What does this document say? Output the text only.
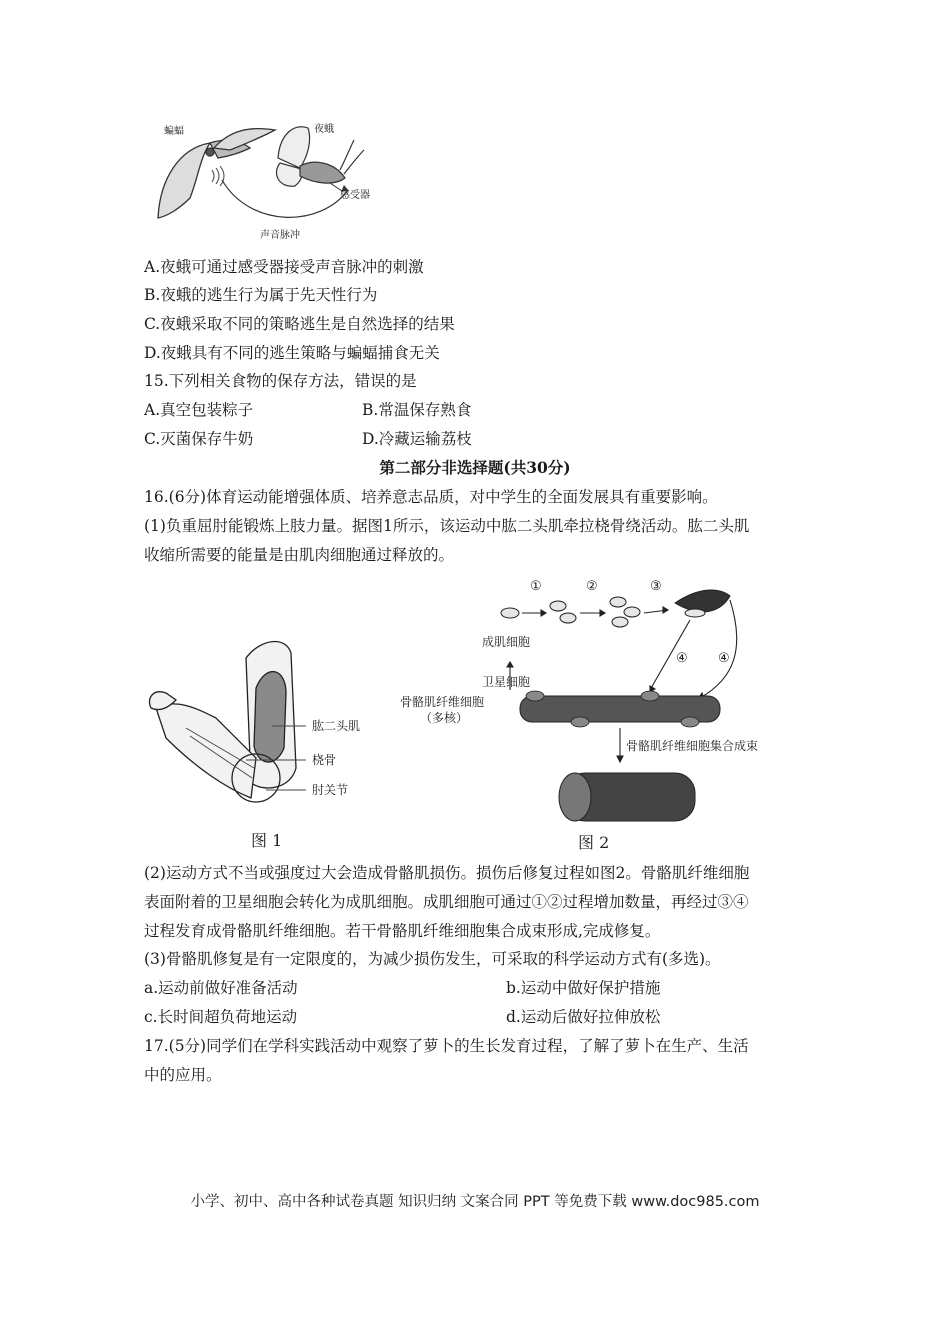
蝙蝠	夜蛾
感受器
声音脉冲
A.夜蛾可通过感受器接受声音脉冲的刺激
B.夜蛾的逃生行为属于先天性行为
C.夜蛾采取不同的策略逃生是自然选择的结果
D.夜蛾具有不同的逃生策略与蝙蝠捕食无关
15.下列相关食物的保存方法，错误的是
A.真空包装粽子	B.常温保存熟食
C.灭菌保存牛奶	D.冷藏运输荔枝
第二部分非选择题(共30分)
16.(6分)体育运动能增强体质、培养意志品质，对中学生的全面发展具有重要影响。
(1)负重屈肘能锻炼上肢力量。据图1所示，该运动中肱二头肌牵拉桡骨绕活动。肱二头肌
收缩所需要的能量是由肌肉细胞通过释放的。
肱二头肌
桡骨
肘关节
图 1
①	②	③
④ ④
成肌细胞
卫星细胞
骨骼肌纤维细胞
（多核）
骨骼肌纤维细胞集合成束
图 2
(2)运动方式不当或强度过大会造成骨骼肌损伤。损伤后修复过程如图2。骨骼肌纤维细胞
表面附着的卫星细胞会转化为成肌细胞。成肌细胞可通过①②过程增加数量，再经过③④
过程发育成骨骼肌纤维细胞。若干骨骼肌纤维细胞集合成束形成,完成修复。
(3)骨骼肌修复是有一定限度的，为减少损伤发生，可采取的科学运动方式有(多选)。
a.运动前做好准备活动	b.运动中做好保护措施
c.长时间超负荷地运动	d.运动后做好拉伸放松
17.(5分)同学们在学科实践活动中观察了萝卜的生长发育过程，了解了萝卜在生产、生活
中的应用。
小学、初中、高中各种试卷真题 知识归纳 文案合同 PPT 等免费下载 www.doc985.com
